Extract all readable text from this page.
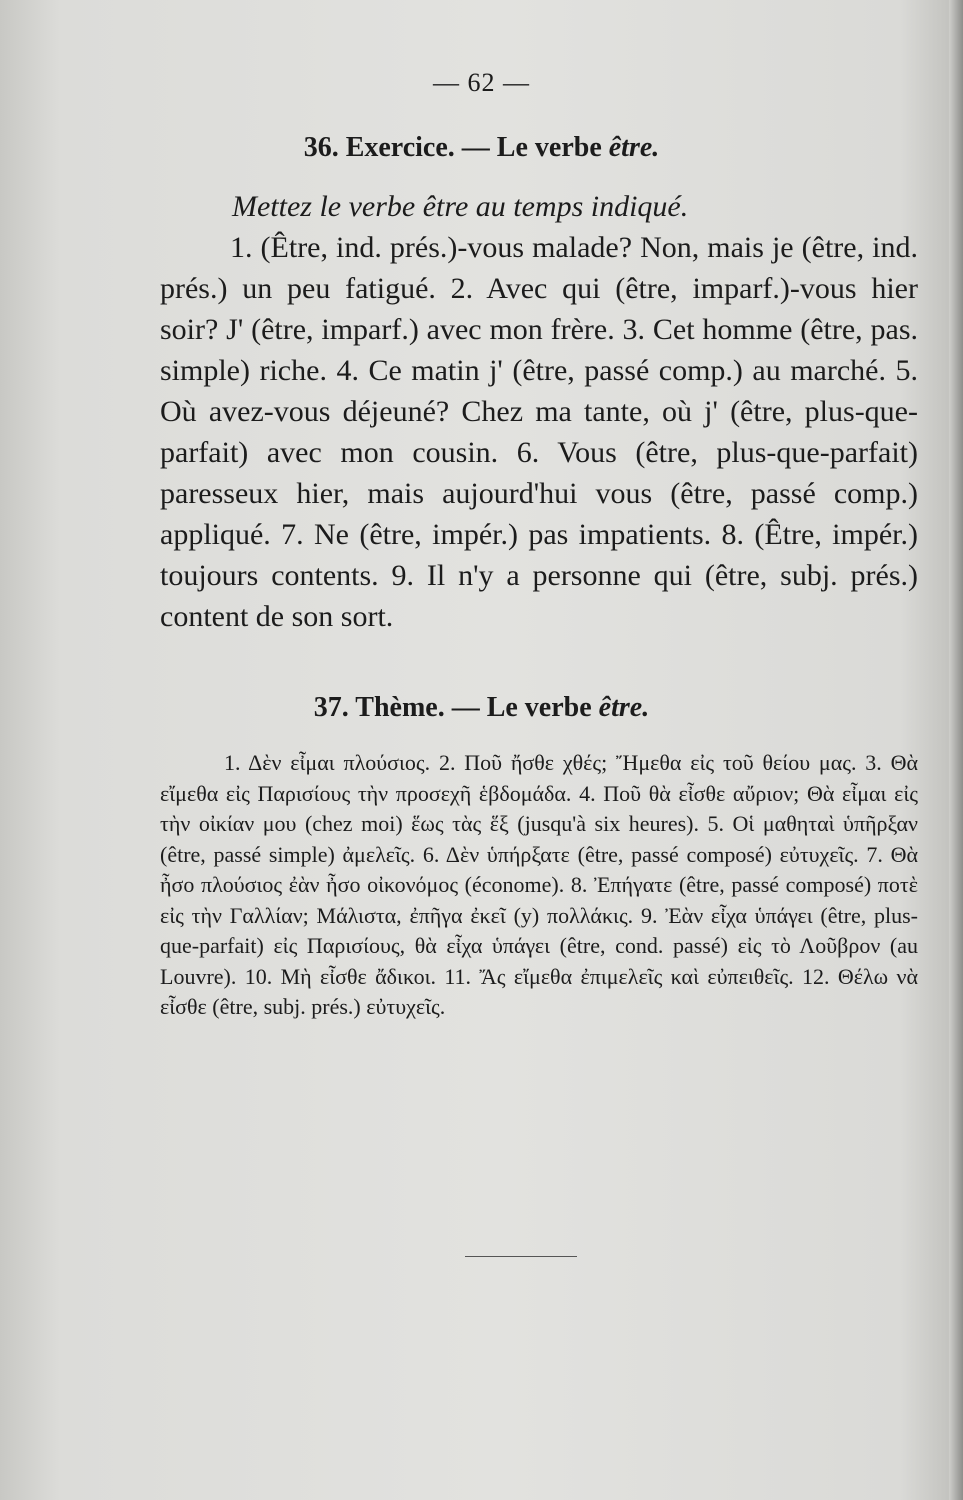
— 62 —
36. Exercice. — Le verbe être.
Mettez le verbe être au temps indiqué.
1. (Être, ind. prés.)-vous malade? Non, mais je (être, ind. prés.) un peu fatigué. 2. Avec qui (être, imparf.)-vous hier soir? J' (être, imparf.) avec mon frère. 3. Cet homme (être, pas. simple) riche. 4. Ce matin j' (être, passé comp.) au marché. 5. Où avez-vous déjeuné? Chez ma tante, où j' (être, plus-que-parfait) avec mon cousin. 6. Vous (être, plus-que-parfait) paresseux hier, mais aujourd'hui vous (être, passé comp.) appliqué. 7. Ne (être, impér.) pas impatients. 8. (Être, impér.) toujours contents. 9. Il n'y a personne qui (être, subj. prés.) content de son sort.
37. Thème. — Le verbe être.
1. Δὲν εἶμαι πλούσιος. 2. Ποῦ ἤσθε χθές; Ἤμεθα εἰς τοῦ θείου μας. 3. Θὰ εἴμεθα εἰς Παρισίους τὴν προσεχῆ ἑβδομάδα. 4. Ποῦ θὰ εἶσθε αὔριον; Θὰ εἶμαι εἰς τὴν οἰκίαν μου (chez moi) ἕως τὰς ἕξ (jusqu'à six heures). 5. Οἱ μαθηταὶ ὑπῆρξαν (être, passé simple) ἀμελεῖς. 6. Δὲν ὑπήρξατε (être, passé composé) εὐτυχεῖς. 7. Θὰ ἦσο πλούσιος ἐὰν ἦσο οἰκονόμος (économe). 8. Ἐπήγατε (être, passé composé) ποτὲ εἰς τὴν Γαλλίαν; Μάλιστα, ἐπῆγα ἐκεῖ (y) πολλάκις. 9. Ἐὰν εἶχα ὑπάγει (être, plus-que-parfait) εἰς Παρισίους, θὰ εἶχα ὑπάγει (être, cond. passé) εἰς τὸ Λοῦβρον (au Louvre). 10. Μὴ εἶσθε ἄδικοι. 11. Ἄς εἴμεθα ἐπιμελεῖς καὶ εὐπειθεῖς. 12. Θέλω νὰ εἶσθε (être, subj. prés.) εὐτυχεῖς.
